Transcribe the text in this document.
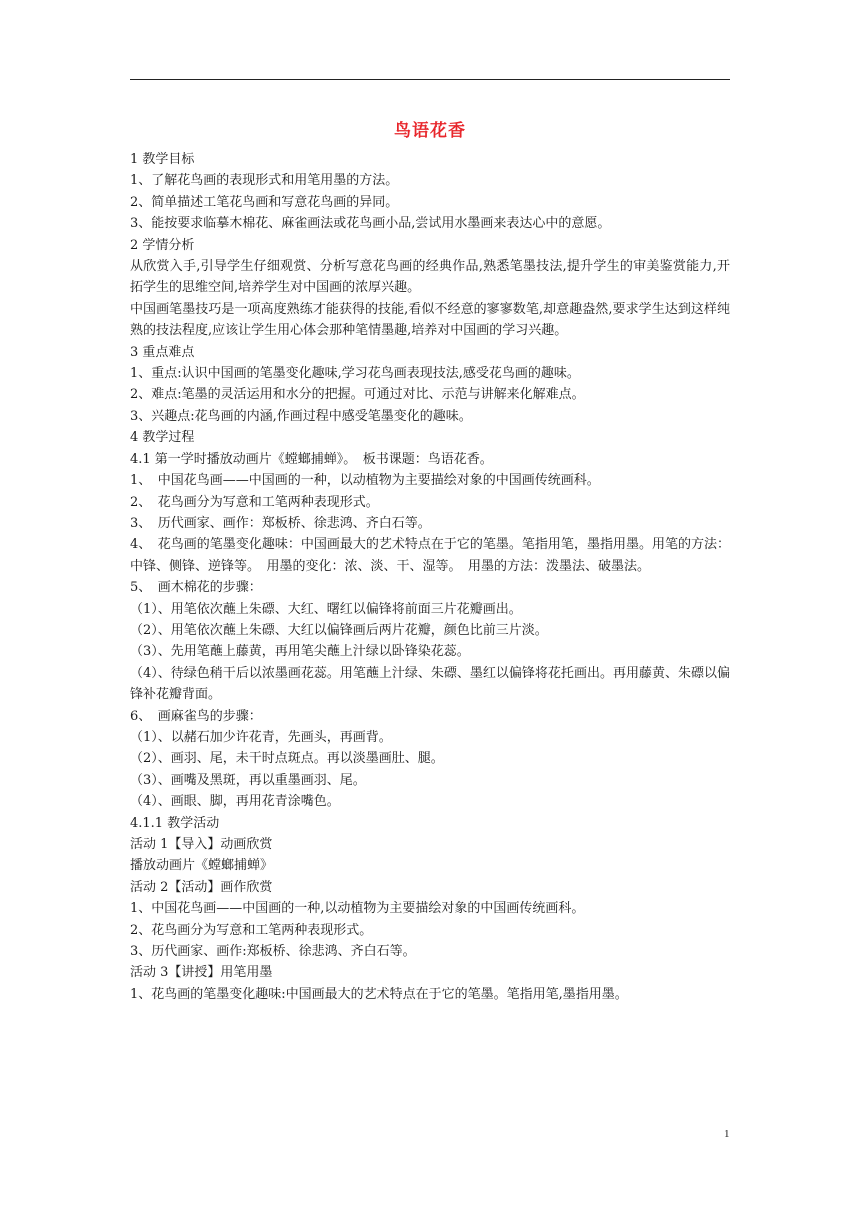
鸟语花香

1 教学目标

1、了解花鸟画的表现形式和用笔用墨的方法。

2、简单描述工笔花鸟画和写意花鸟画的异同。

3、能按要求临摹木棉花、麻雀画法或花鸟画小品,尝试用水墨画来表达心中的意愿。

2 学情分析

从欣赏入手,引导学生仔细观赏、分析写意花鸟画的经典作品,熟悉笔墨技法,提升学生的审美鉴赏能力,开拓学生的思维空间,培养学生对中国画的浓厚兴趣。

中国画笔墨技巧是一项高度熟练才能获得的技能,看似不经意的寥寥数笔,却意趣盎然,要求学生达到这样纯熟的技法程度,应该让学生用心体会那种笔情墨趣,培养对中国画的学习兴趣。

3 重点难点

1、重点:认识中国画的笔墨变化趣味,学习花鸟画表现技法,感受花鸟画的趣味。

2、难点:笔墨的灵活运用和水分的把握。可通过对比、示范与讲解来化解难点。

3、兴趣点:花鸟画的内涵,作画过程中感受笔墨变化的趣味。

4 教学过程

4.1 第一学时播放动画片《螳螂捕蝉》。　板书课题：鸟语花香。

1、　中国花鸟画——中国画的一种，以动植物为主要描绘对象的中国画传统画科。

2、　花鸟画分为写意和工笔两种表现形式。

3、　历代画家、画作：郑板桥、徐悲鸿、齐白石等。

4、　花鸟画的笔墨变化趣味：中国画最大的艺术特点在于它的笔墨。笔指用笔，墨指用墨。用笔的方法：中锋、侧锋、逆锋等。　用墨的变化：浓、淡、干、湿等。　用墨的方法：泼墨法、破墨法。

5、　画木棉花的步骤：

（1）、用笔依次蘸上朱磦、大红、曙红以偏锋将前面三片花瓣画出。

（2）、用笔依次蘸上朱磦、大红以偏锋画后两片花瓣，颜色比前三片淡。

（3）、先用笔蘸上藤黄，再用笔尖蘸上汁绿以卧锋染花蕊。

（4）、待绿色稍干后以浓墨画花蕊。用笔蘸上汁绿、朱磦、墨红以偏锋将花托画出。再用藤黄、朱磦以偏锋补花瓣背面。

6、　画麻雀鸟的步骤：

（1）、以赭石加少许花青，先画头，再画背。

（2）、画羽、尾，未干时点斑点。再以淡墨画肚、腿。

（3）、画嘴及黑斑，再以重墨画羽、尾。

（4）、画眼、脚，再用花青涂嘴色。

4.1.1 教学活动

活动 1【导入】动画欣赏

播放动画片《螳螂捕蝉》

活动 2【活动】画作欣赏

1、中国花鸟画——中国画的一种,以动植物为主要描绘对象的中国画传统画科。

2、花鸟画分为写意和工笔两种表现形式。

3、历代画家、画作:郑板桥、徐悲鸿、齐白石等。

活动 3【讲授】用笔用墨

1、花鸟画的笔墨变化趣味:中国画最大的艺术特点在于它的笔墨。笔指用笔,墨指用墨。

1
